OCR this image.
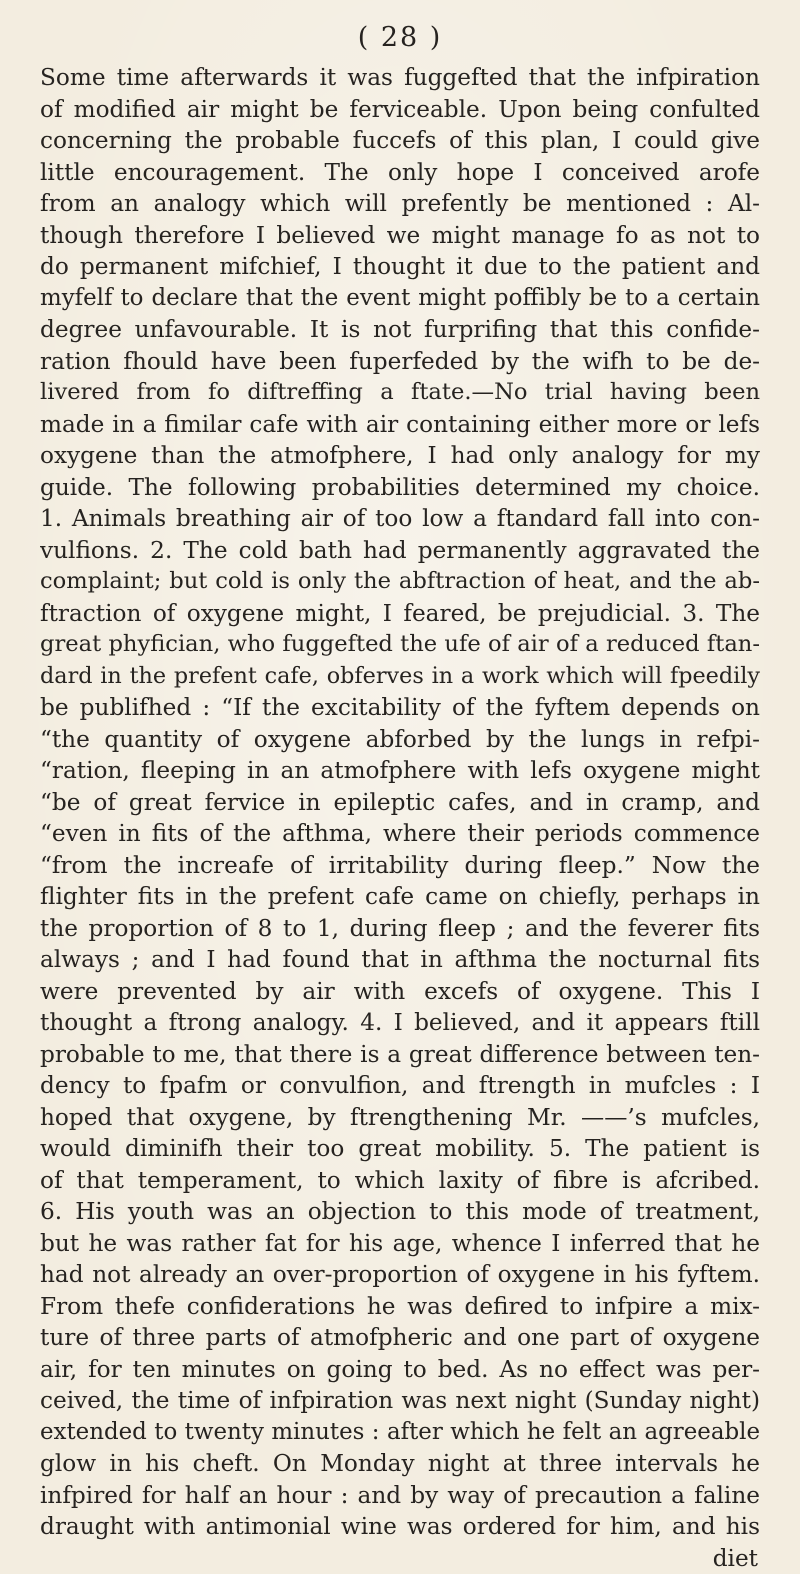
( 28 )
Some time afterwards it was fuggefted that the infpiration
of modified air might be ferviceable. Upon being confulted
concerning the probable fuccefs of this plan, I could give
little encouragement. The only hope I conceived arofe
from an analogy which will prefently be mentioned : Al-
though therefore I believed we might manage fo as not to
do permanent mifchief, I thought it due to the patient and
myfelf to declare that the event might poffibly be to a certain
degree unfavourable. It is not furprifing that this confide-
ration fhould have been fuperfeded by the wifh to be de-
livered from fo diftreffing a ftate.—No trial having been
made in a fimilar cafe with air containing either more or lefs
oxygene than the atmofphere, I had only analogy for my
guide. The following probabilities determined my choice.
1. Animals breathing air of too low a ftandard fall into con-
vulfions. 2. The cold bath had permanently aggravated the
complaint; but cold is only the abftraction of heat, and the ab-
ftraction of oxygene might, I feared, be prejudicial. 3. The
great phyfician, who fuggefted the ufe of air of a reduced ftan-
dard in the prefent cafe, obferves in a work which will fpeedily
be publifhed : “If the excitability of the fyftem depends on
“the quantity of oxygene abforbed by the lungs in refpi-
“ration, fleeping in an atmofphere with lefs oxygene might
“be of great fervice in epileptic cafes, and in cramp, and
“even in fits of the afthma, where their periods commence
“from the increafe of irritability during fleep.” Now the
flighter fits in the prefent cafe came on chiefly, perhaps in
the proportion of 8 to 1, during fleep ; and the feverer fits
always ; and I had found that in afthma the nocturnal fits
were prevented by air with excefs of oxygene. This I
thought a ftrong analogy. 4. I believed, and it appears ftill
probable to me, that there is a great difference between ten-
dency to fpafm or convulfion, and ftrength in mufcles : I
hoped that oxygene, by ftrengthening Mr. ——’s mufcles,
would diminifh their too great mobility. 5. The patient is
of that temperament, to which laxity of fibre is afcribed.
6. His youth was an objection to this mode of treatment,
but he was rather fat for his age, whence I inferred that he
had not already an over-proportion of oxygene in his fyftem.
From thefe confiderations he was defired to infpire a mix-
ture of three parts of atmofpheric and one part of oxygene
air, for ten minutes on going to bed. As no effect was per-
ceived, the time of infpiration was next night (Sunday night)
extended to twenty minutes : after which he felt an agreeable
glow in his cheft. On Monday night at three intervals he
infpired for half an hour : and by way of precaution a faline
draught with antimonial wine was ordered for him, and his
diet
